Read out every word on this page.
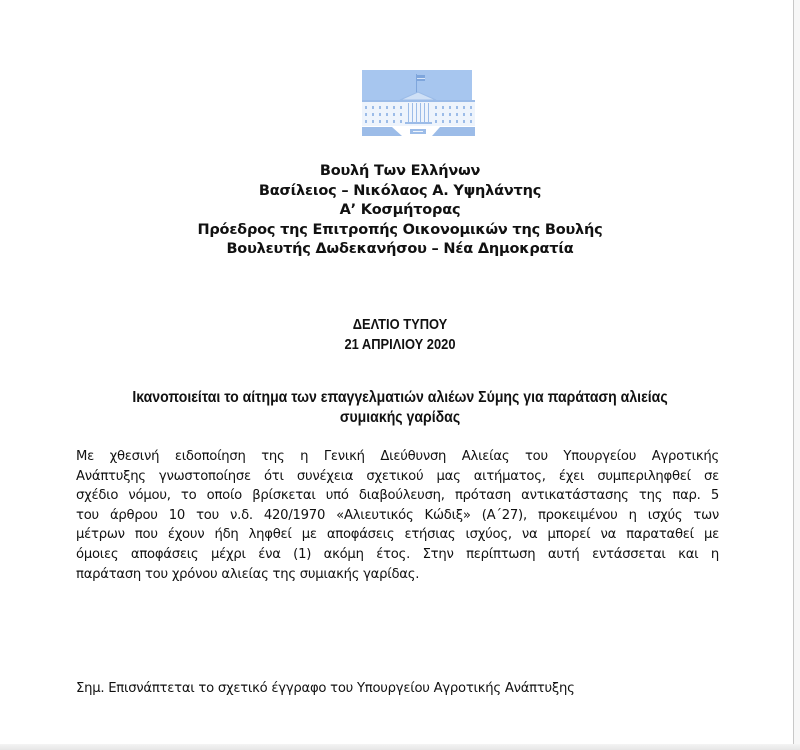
Βουλή Των Ελλήνων
Βασίλειος – Νικόλαος Α. Υψηλάντης
Α’ Κοσμήτορας
Πρόεδρος της Επιτροπής Οικονομικών της Βουλής
Βουλευτής Δωδεκανήσου – Νέα Δημοκρατία
ΔΕΛΤΙΟ ΤΥΠΟΥ
21 ΑΠΡΙΛΙΟΥ 2020
Ικανοποιείται το αίτημα των επαγγελματιών αλιέων Σύμης για παράταση αλιείας
συμιακής γαρίδας
Με χθεσινή ειδοποίηση της η Γενική Διεύθυνση Αλιείας του Υπουργείου Αγροτικής
Ανάπτυξης γνωστοποίησε ότι συνέχεια σχετικού μας αιτήματος, έχει συμπεριληφθεί σε
σχέδιο νόμου, το οποίο βρίσκεται υπό διαβούλευση, πρόταση αντικατάστασης της παρ. 5
του άρθρου 10 του ν.δ. 420/1970 «Αλιευτικός Κώδιξ» (Α΄27), προκειμένου η ισχύς των
μέτρων που έχουν ήδη ληφθεί με αποφάσεις ετήσιας ισχύος, να μπορεί να παραταθεί με
όμοιες αποφάσεις μέχρι ένα (1) ακόμη έτος. Στην περίπτωση αυτή εντάσσεται και η
παράταση του χρόνου αλιείας της συμιακής γαρίδας.
Σημ. Επισνάπτεται το σχετικό έγγραφο του Υπουργείου Αγροτικής Ανάπτυξης
